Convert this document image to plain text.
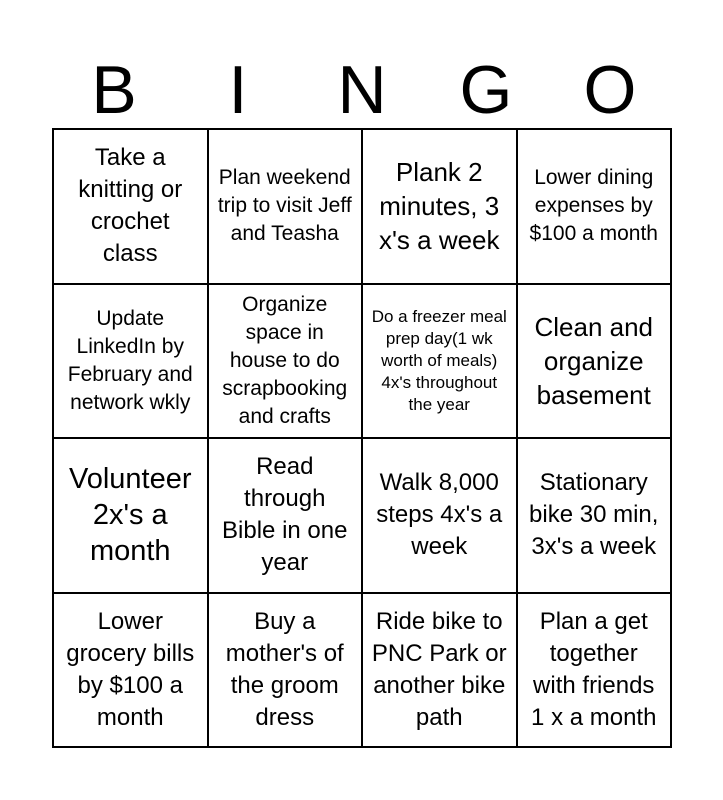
B	I	N	G	O
Take a knitting or crochet class
Plan weekend trip to visit Jeff and Teasha
Plank 2 minutes, 3 x's a week
Lower dining expenses by $100 a month
Update LinkedIn by February and network wkly
Organize space in house to do scrapbooking and crafts
Do a freezer meal prep day(1 wk worth of meals) 4x's throughout the year
Clean and organize basement
Volunteer 2x's a month
Read through Bible in one year
Walk 8,000 steps 4x's a week
Stationary bike 30 min, 3x's a week
Lower grocery bills by $100 a month
Buy a mother's of the groom dress
Ride bike to PNC Park or another bike path
Plan a get together with friends 1 x a month
